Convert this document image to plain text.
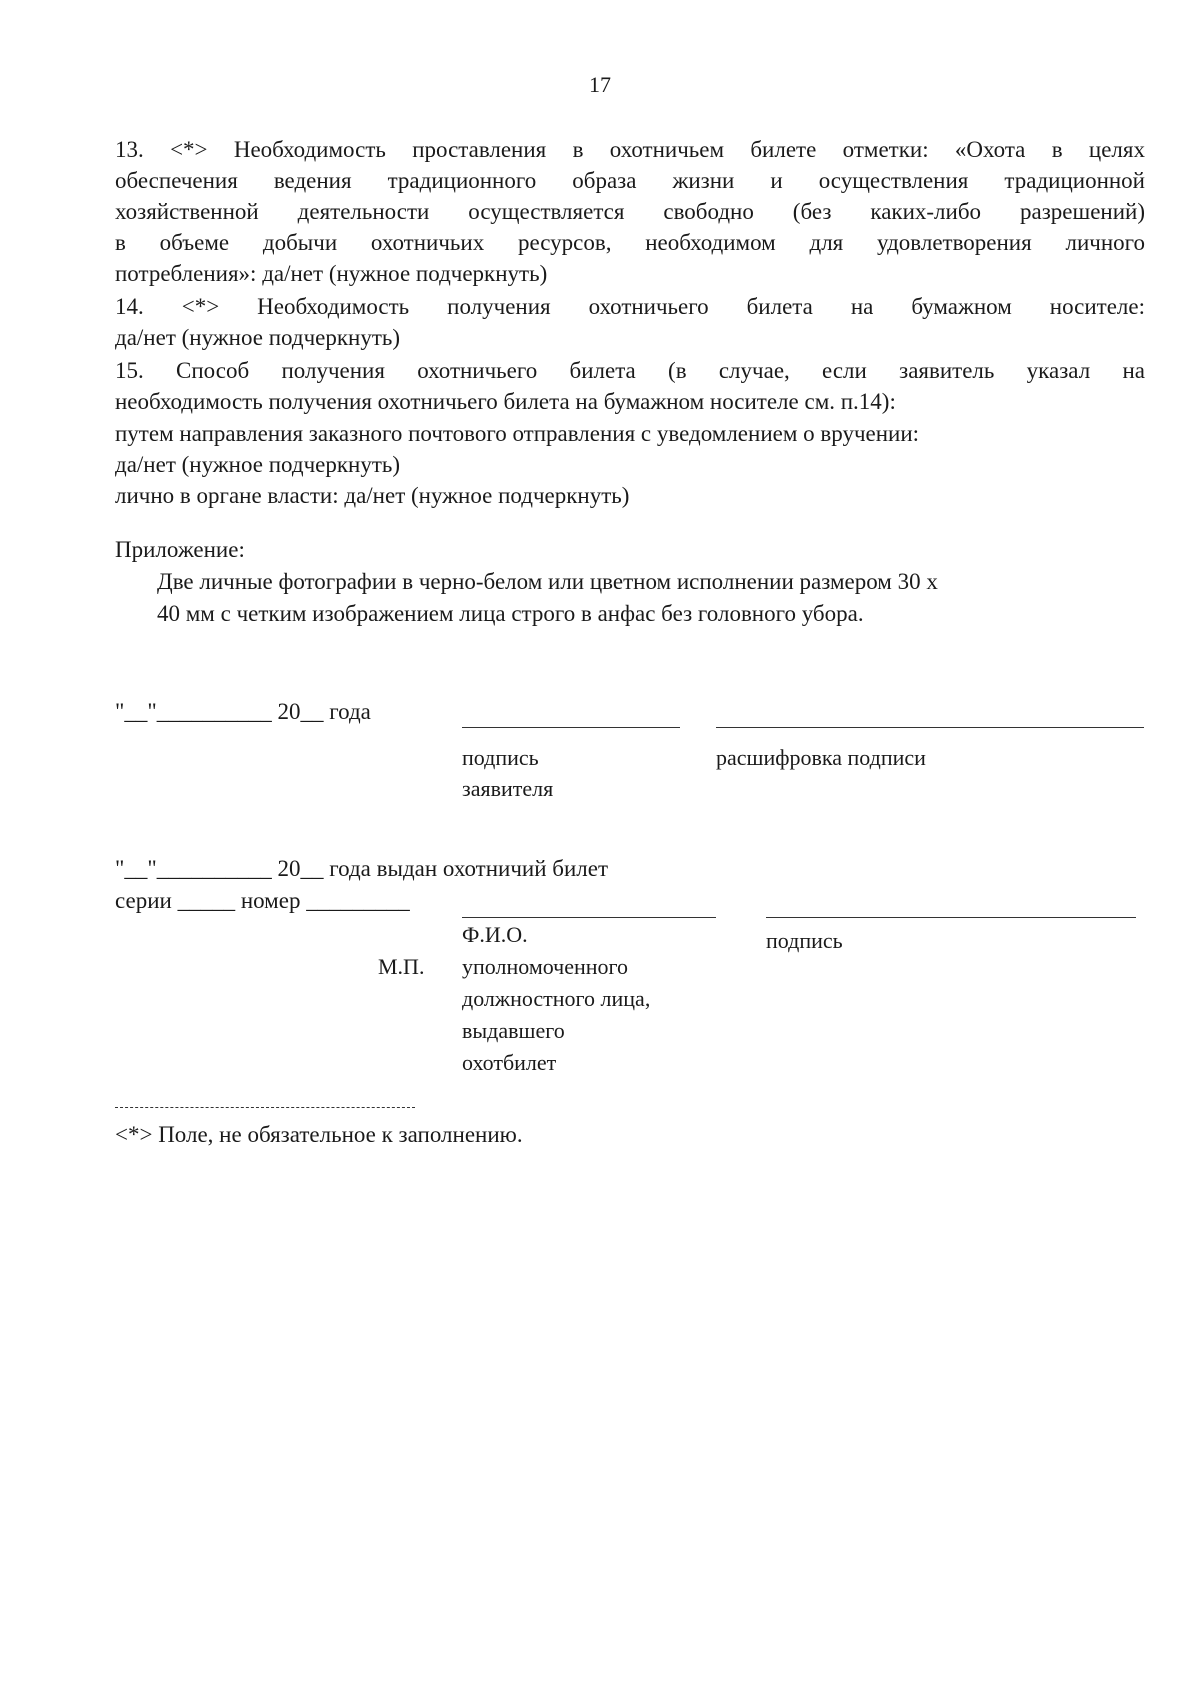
17
13. <*> Необходимость проставления в охотничьем билете отметки: «Охота в целях
обеспечения ведения традиционного образа жизни и осуществления традиционной
хозяйственной деятельности осуществляется свободно (без каких-либо разрешений)
в объеме добычи охотничьих ресурсов, необходимом для удовлетворения личного
потребления»: да/нет (нужное подчеркнуть)
14. <*> Необходимость получения охотничьего билета на бумажном носителе:
да/нет (нужное подчеркнуть)
15. Способ получения охотничьего билета (в случае, если заявитель указал на
необходимость получения охотничьего билета на бумажном носителе см. п.14):
путем направления заказного почтового отправления с уведомлением о вручении:
да/нет (нужное подчеркнуть)
лично в органе власти: да/нет (нужное подчеркнуть)
Приложение:
Две личные фотографии в черно-белом или цветном исполнении размером 30 х
40 мм с четким изображением лица строго в анфас без головного убора.
"__"__________ 20__ года
подпись
заявителя
расшифровка подписи
"__"__________ 20__ года выдан охотничий билет
серии _____ номер _________
Ф.И.О.
уполномоченного
должностного лица,
выдавшего
охотбилет
М.П.
подпись
<*> Поле, не обязательное к заполнению.
